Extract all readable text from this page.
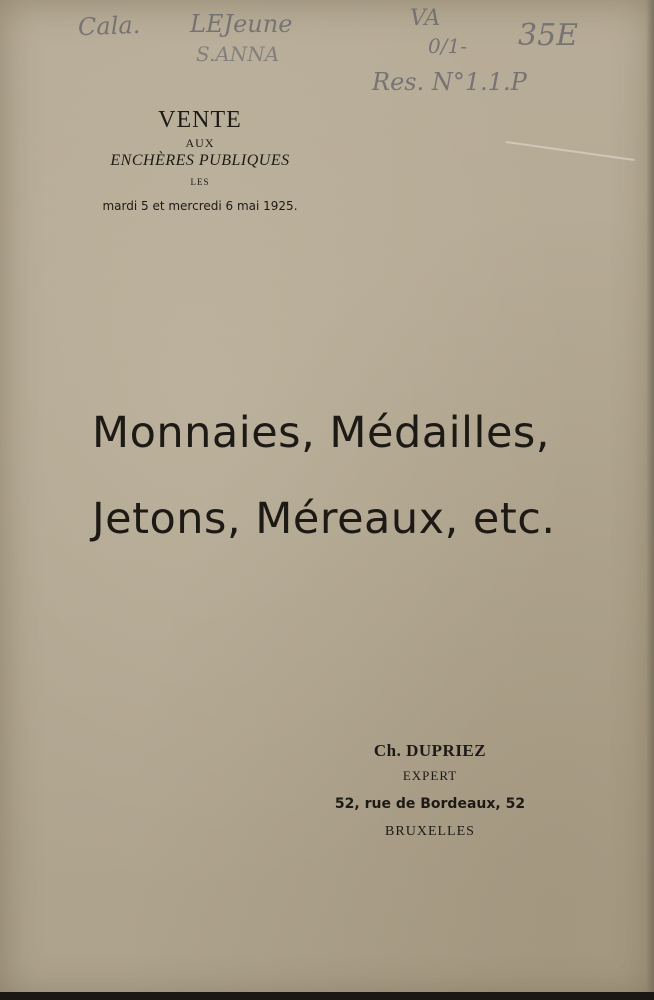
Cala. LEJeune
S.ANNA
VA
0/1- 35E
Res. N°1.1.P
VENTE
AUX
ENCHÈRES PUBLIQUES
LES
mardi 5 et mercredi 6 mai 1925.
Monnaies, Médailles,
Jetons, Méreaux, etc.
Ch. DUPRIEZ
EXPERT
52, rue de Bordeaux, 52
BRUXELLES
